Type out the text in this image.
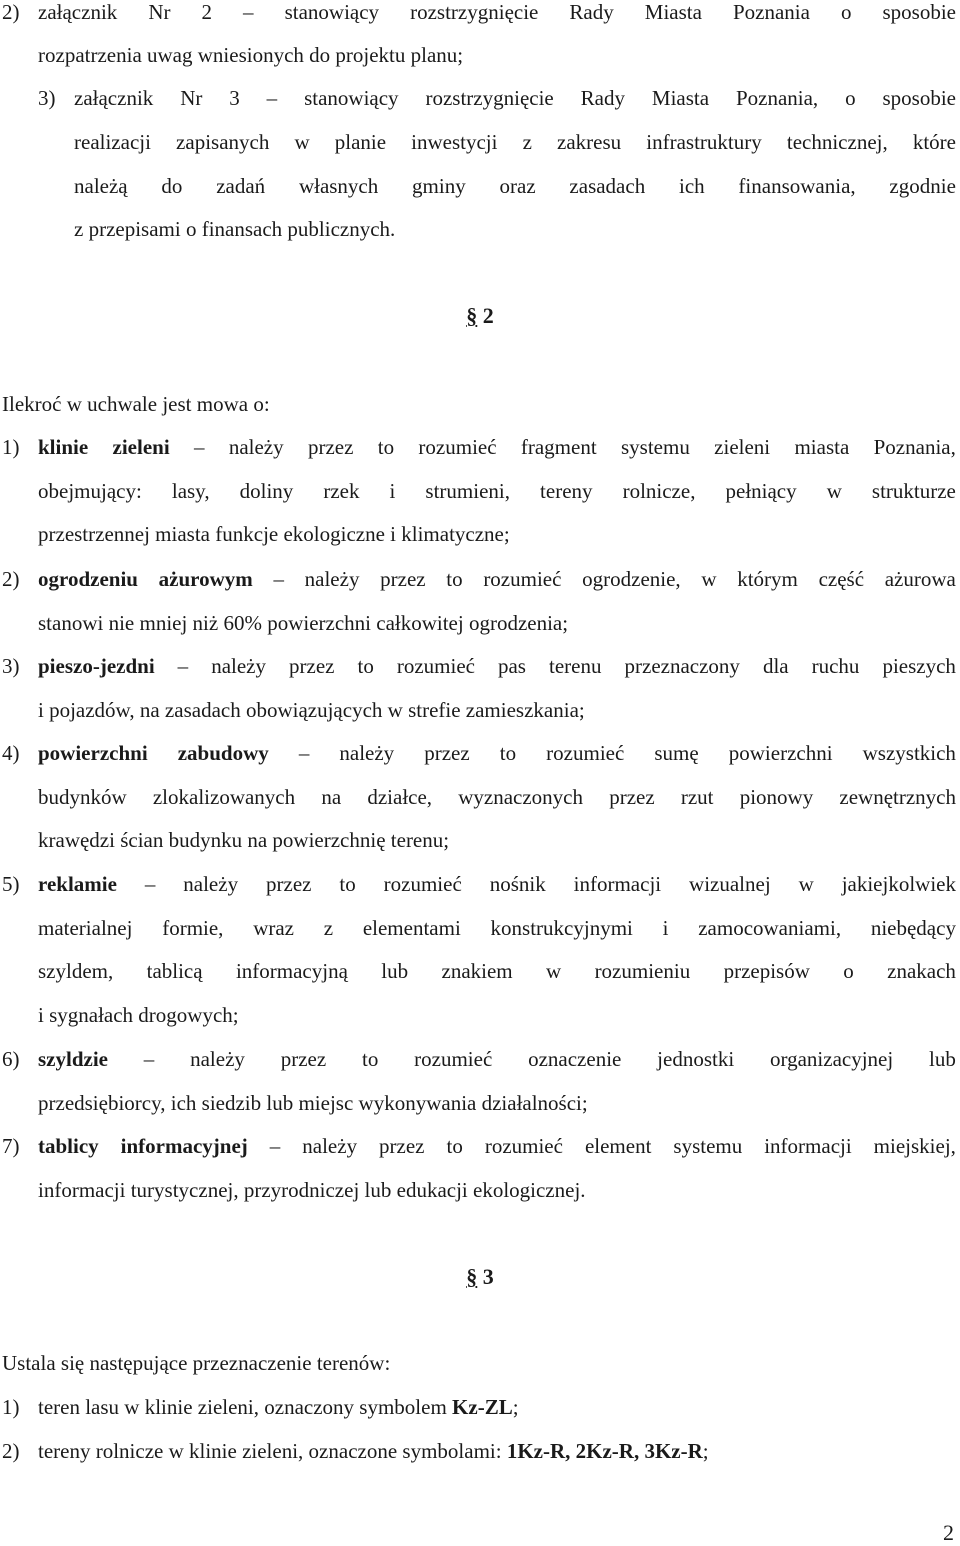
2) załącznik Nr 2 – stanowiący rozstrzygnięcie Rady Miasta Poznania o sposobie
rozpatrzenia uwag wniesionych do projektu planu;
3) załącznik Nr 3 – stanowiący rozstrzygnięcie Rady Miasta Poznania, o sposobie
realizacji zapisanych w planie inwestycji z zakresu infrastruktury technicznej, które
należą do zadań własnych gminy oraz zasadach ich finansowania, zgodnie
z przepisami o finansach publicznych.
§ 2
Ilekroć w uchwale jest mowa o:
1) klinie zieleni – należy przez to rozumieć fragment systemu zieleni miasta Poznania,
obejmujący: lasy, doliny rzek i strumieni, tereny rolnicze, pełniący w strukturze
przestrzennej miasta funkcje ekologiczne i klimatyczne;
2) ogrodzeniu ażurowym – należy przez to rozumieć ogrodzenie, w którym część ażurowa
stanowi nie mniej niż 60% powierzchni całkowitej ogrodzenia;
3) pieszo-jezdni – należy przez to rozumieć pas terenu przeznaczony dla ruchu pieszych
i pojazdów, na zasadach obowiązujących w strefie zamieszkania;
4) powierzchni zabudowy – należy przez to rozumieć sumę powierzchni wszystkich
budynków zlokalizowanych na działce, wyznaczonych przez rzut pionowy zewnętrznych
krawędzi ścian budynku na powierzchnię terenu;
5) reklamie – należy przez to rozumieć nośnik informacji wizualnej w jakiejkolwiek
materialnej formie, wraz z elementami konstrukcyjnymi i zamocowaniami, niebędący
szyldem, tablicą informacyjną lub znakiem w rozumieniu przepisów o znakach
i sygnałach drogowych;
6) szyldzie – należy przez to rozumieć oznaczenie jednostki organizacyjnej lub
przedsiębiorcy, ich siedzib lub miejsc wykonywania działalności;
7) tablicy informacyjnej – należy przez to rozumieć element systemu informacji miejskiej,
informacji turystycznej, przyrodniczej lub edukacji ekologicznej.
§ 3
Ustala się następujące przeznaczenie terenów:
1) teren lasu w klinie zieleni, oznaczony symbolem Kz-ZL;
2) tereny rolnicze w klinie zieleni, oznaczone symbolami: 1Kz-R, 2Kz-R, 3Kz-R;
2
